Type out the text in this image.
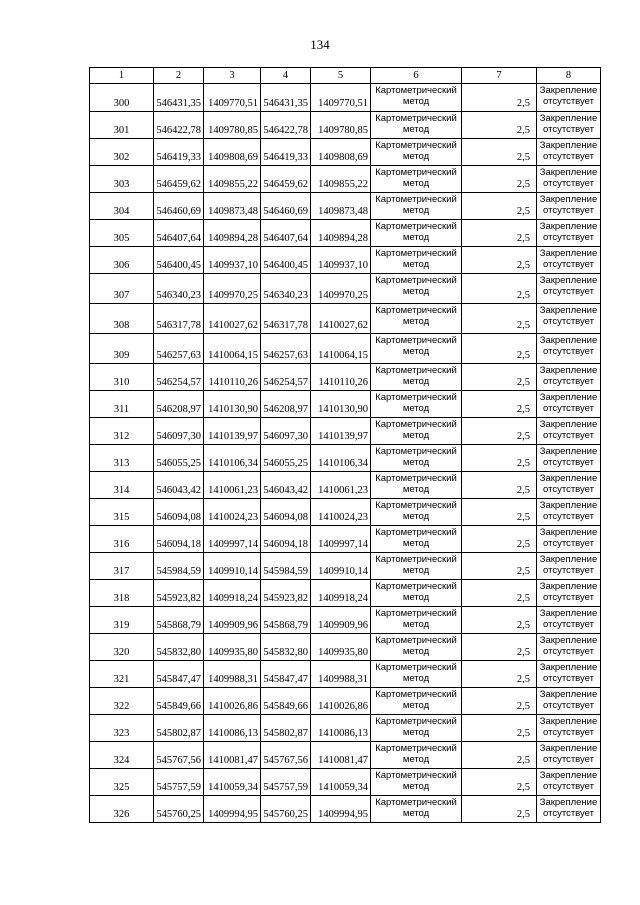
134
1	2	3	4	5	6	7	8
300	546431,35	1409770,51	546431,35	1409770,51	Картометрический метод	2,5	Закрепление отсутствует
301	546422,78	1409780,85	546422,78	1409780,85	Картометрический метод	2,5	Закрепление отсутствует
302	546419,33	1409808,69	546419,33	1409808,69	Картометрический метод	2,5	Закрепление отсутствует
303	546459,62	1409855,22	546459,62	1409855,22	Картометрический метод	2,5	Закрепление отсутствует
304	546460,69	1409873,48	546460,69	1409873,48	Картометрический метод	2,5	Закрепление отсутствует
305	546407,64	1409894,28	546407,64	1409894,28	Картометрический метод	2,5	Закрепление отсутствует
306	546400,45	1409937,10	546400,45	1409937,10	Картометрический метод	2,5	Закрепление отсутствует
307	546340,23	1409970,25	546340,23	1409970,25	Картометрический метод	2,5	Закрепление отсутствует
308	546317,78	1410027,62	546317,78	1410027,62	Картометрический метод	2,5	Закрепление отсутствует
309	546257,63	1410064,15	546257,63	1410064,15	Картометрический метод	2,5	Закрепление отсутствует
310	546254,57	1410110,26	546254,57	1410110,26	Картометрический метод	2,5	Закрепление отсутствует
311	546208,97	1410130,90	546208,97	1410130,90	Картометрический метод	2,5	Закрепление отсутствует
312	546097,30	1410139,97	546097,30	1410139,97	Картометрический метод	2,5	Закрепление отсутствует
313	546055,25	1410106,34	546055,25	1410106,34	Картометрический метод	2,5	Закрепление отсутствует
314	546043,42	1410061,23	546043,42	1410061,23	Картометрический метод	2,5	Закрепление отсутствует
315	546094,08	1410024,23	546094,08	1410024,23	Картометрический метод	2,5	Закрепление отсутствует
316	546094,18	1409997,14	546094,18	1409997,14	Картометрический метод	2,5	Закрепление отсутствует
317	545984,59	1409910,14	545984,59	1409910,14	Картометрический метод	2,5	Закрепление отсутствует
318	545923,82	1409918,24	545923,82	1409918,24	Картометрический метод	2,5	Закрепление отсутствует
319	545868,79	1409909,96	545868,79	1409909,96	Картометрический метод	2,5	Закрепление отсутствует
320	545832,80	1409935,80	545832,80	1409935,80	Картометрический метод	2,5	Закрепление отсутствует
321	545847,47	1409988,31	545847,47	1409988,31	Картометрический метод	2,5	Закрепление отсутствует
322	545849,66	1410026,86	545849,66	1410026,86	Картометрический метод	2,5	Закрепление отсутствует
323	545802,87	1410086,13	545802,87	1410086,13	Картометрический метод	2,5	Закрепление отсутствует
324	545767,56	1410081,47	545767,56	1410081,47	Картометрический метод	2,5	Закрепление отсутствует
325	545757,59	1410059,34	545757,59	1410059,34	Картометрический метод	2,5	Закрепление отсутствует
326	545760,25	1409994,95	545760,25	1409994,95	Картометрический метод	2,5	Закрепление отсутствует
